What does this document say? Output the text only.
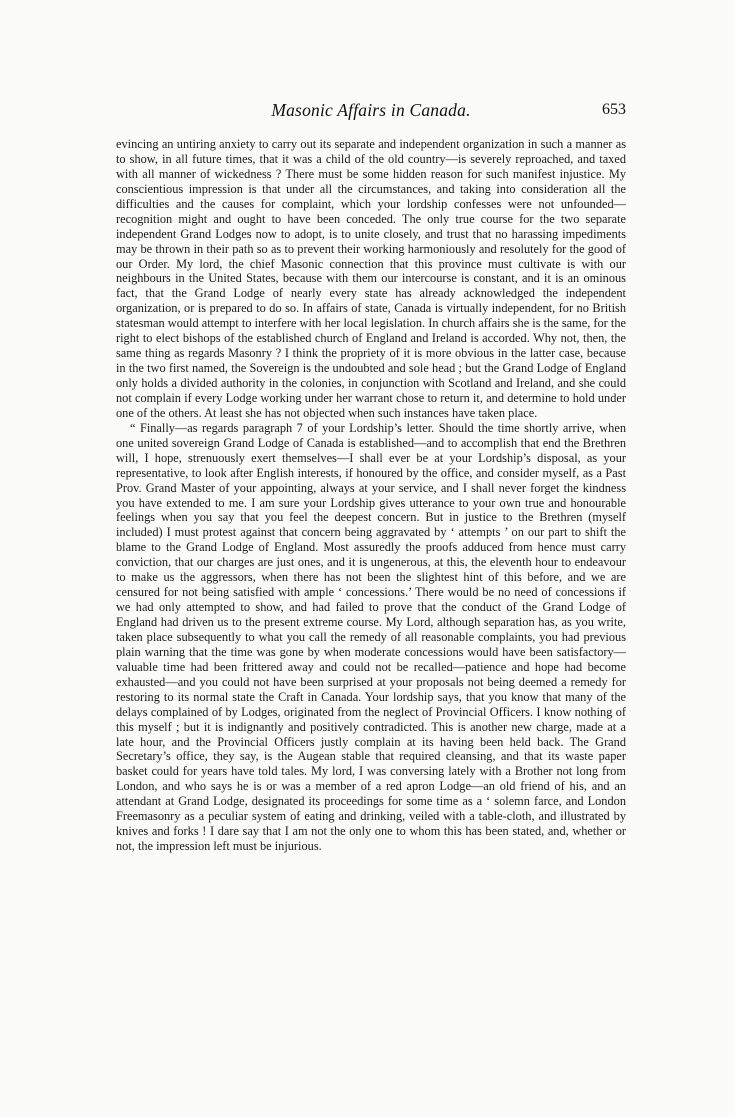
Masonic Affairs in Canada.	653

evincing an untiring anxiety to carry out its separate and independent organization in such a manner as to show, in all future times, that it was a child of the old country—is severely reproached, and taxed with all manner of wickedness ? There must be some hidden reason for such manifest injustice. My conscientious impression is that under all the circumstances, and taking into consideration all the difficulties and the causes for complaint, which your lordship confesses were not unfounded—recognition might and ought to have been conceded. The only true course for the two separate independent Grand Lodges now to adopt, is to unite closely, and trust that no harassing impediments may be thrown in their path so as to prevent their working harmoniously and resolutely for the good of our Order. My lord, the chief Masonic connection that this province must cultivate is with our neighbours in the United States, because with them our intercourse is constant, and it is an ominous fact, that the Grand Lodge of nearly every state has already acknowledged the independent organization, or is prepared to do so. In affairs of state, Canada is virtually independent, for no British statesman would attempt to interfere with her local legislation. In church affairs she is the same, for the right to elect bishops of the established church of England and Ireland is accorded. Why not, then, the same thing as regards Masonry ? I think the propriety of it is more obvious in the latter case, because in the two first named, the Sovereign is the undoubted and sole head ; but the Grand Lodge of England only holds a divided authority in the colonies, in conjunction with Scotland and Ireland, and she could not complain if every Lodge working under her warrant chose to return it, and determine to hold under one of the others. At least she has not objected when such instances have taken place.

“ Finally—as regards paragraph 7 of your Lordship’s letter. Should the time shortly arrive, when one united sovereign Grand Lodge of Canada is established—and to accomplish that end the Brethren will, I hope, strenuously exert themselves—I shall ever be at your Lordship’s disposal, as your representative, to look after English interests, if honoured by the office, and consider myself, as a Past Prov. Grand Master of your appointing, always at your service, and I shall never forget the kindness you have extended to me. I am sure your Lordship gives utterance to your own true and honourable feelings when you say that you feel the deepest concern. But in justice to the Brethren (myself included) I must protest against that concern being aggravated by ‘ attempts ’ on our part to shift the blame to the Grand Lodge of England. Most assuredly the proofs adduced from hence must carry conviction, that our charges are just ones, and it is ungenerous, at this, the eleventh hour to endeavour to make us the aggressors, when there has not been the slightest hint of this before, and we are censured for not being satisfied with ample ‘ concessions.’ There would be no need of concessions if we had only attempted to show, and had failed to prove that the conduct of the Grand Lodge of England had driven us to the present extreme course. My Lord, although separation has, as you write, taken place subsequently to what you call the remedy of all reasonable complaints, you had previous plain warning that the time was gone by when moderate concessions would have been satisfactory—valuable time had been frittered away and could not be recalled—patience and hope had become exhausted—and you could not have been surprised at your proposals not being deemed a remedy for restoring to its normal state the Craft in Canada. Your lordship says, that you know that many of the delays complained of by Lodges, originated from the neglect of Provincial Officers. I know nothing of this myself ; but it is indignantly and positively contradicted. This is another new charge, made at a late hour, and the Provincial Officers justly complain at its having been held back. The Grand Secretary’s office, they say, is the Augean stable that required cleansing, and that its waste paper basket could for years have told tales. My lord, I was conversing lately with a Brother not long from London, and who says he is or was a member of a red apron Lodge—an old friend of his, and an attendant at Grand Lodge, designated its proceedings for some time as a ‘ solemn farce, and London Freemasonry as a peculiar system of eating and drinking, veiled with a table-cloth, and illustrated by knives and forks ! I dare say that I am not the only one to whom this has been stated, and, whether or not, the impression left must be injurious.
